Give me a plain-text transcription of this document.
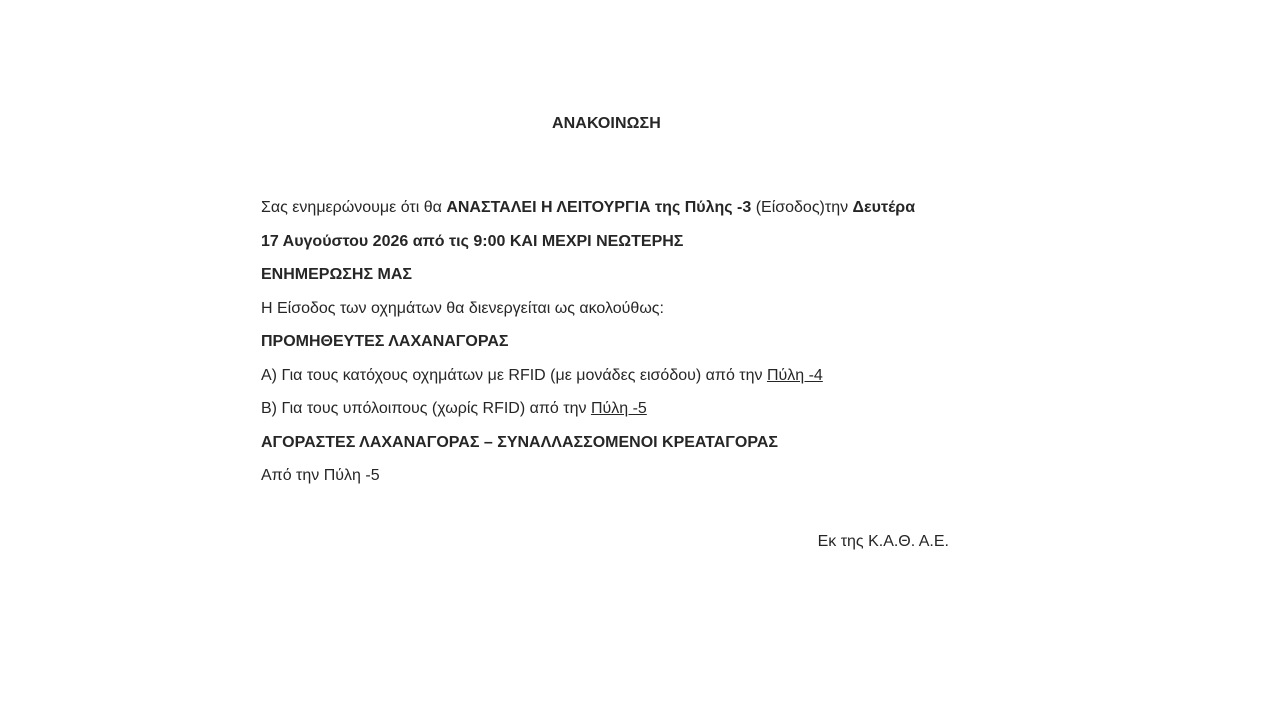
ΑΝΑΚΟΙΝΩΣΗ
Σας ενημερώνουμε ότι θα ΑΝΑΣΤΑΛΕΙ Η ΛΕΙΤΟΥΡΓΙΑ της Πύλης -3 (Είσοδος)την Δευτέρα
17 Αυγούστου 2026 από τις 9:00 ΚΑΙ ΜΕΧΡΙ ΝΕΩΤΕΡΗΣ
ΕΝΗΜΕΡΩΣΗΣ ΜΑΣ
Η Είσοδος των οχημάτων θα διενεργείται ως ακολούθως:
ΠΡΟΜΗΘΕΥΤΕΣ ΛΑΧΑΝΑΓΟΡΑΣ
Α) Για τους κατόχους οχημάτων με RFID (με μονάδες εισόδου) από την Πύλη -4
Β) Για τους υπόλοιπους (χωρίς RFID) από την Πύλη -5
ΑΓΟΡΑΣΤΕΣ ΛΑΧΑΝΑΓΟΡΑΣ – ΣΥΝΑΛΛΑΣΣΟΜΕΝΟΙ ΚΡΕΑΤΑΓΟΡΑΣ
Από την Πύλη -5
Εκ της Κ.Α.Θ. Α.Ε.
